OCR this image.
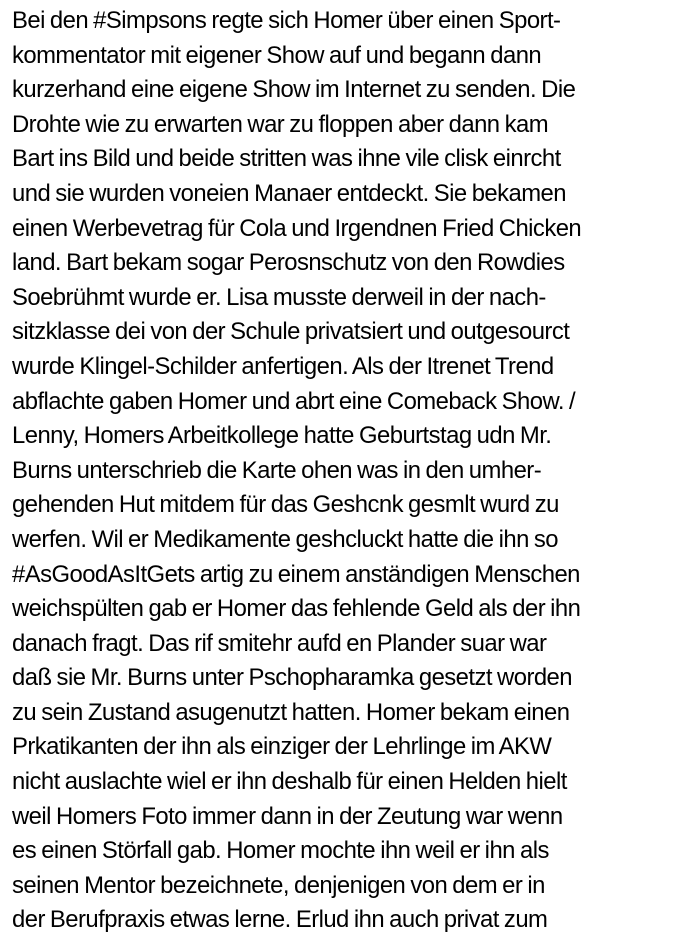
Bei den #Simpsons regte sich Homer über einen Sport-
kommentator mit eigener Show auf und begann dann
kurzerhand eine eigene Show im Internet zu senden. Die
Drohte wie zu erwarten war zu floppen aber dann kam
Bart ins Bild und beide stritten was ihne vile clisk einrcht
und sie wurden voneien Manaer entdeckt. Sie bekamen
einen Werbevetrag für Cola und Irgendnen Fried Chicken
land. Bart bekam sogar Perosnschutz von den Rowdies
Soebrühmt wurde er. Lisa musste derweil in der nach-
sitzklasse dei von der Schule privatsiert und outgesourct
wurde Klingel-Schilder anfertigen. Als der Itrenet Trend
abflachte gaben Homer und abrt eine Comeback Show. /
Lenny, Homers Arbeitkollege hatte Geburtstag udn Mr.
Burns unterschrieb die Karte ohen was in den umher-
gehenden Hut mitdem für das Geshcnk gesmlt wurd zu
werfen. Wil er Medikamente geshcluckt hatte die ihn so
#AsGoodAsItGets artig zu einem anständigen Menschen
weichspülten gab er Homer das fehlende Geld als der ihn
danach fragt. Das rif smitehr aufd en Plander suar war
daß sie Mr. Burns unter Pschopharamka gesetzt worden
zu sein Zustand asugenutzt hatten. Homer bekam einen
Prkatikanten der ihn als einziger der Lehrlinge im AKW
nicht auslachte wiel er ihn deshalb für einen Helden hielt
weil Homers Foto immer dann in der Zeutung war wenn
es einen Störfall gab. Homer mochte ihn weil er ihn als
seinen Mentor bezeichnete, denjenigen von dem er in
der Berufpraxis etwas lerne. Erlud ihn auch privat zum
